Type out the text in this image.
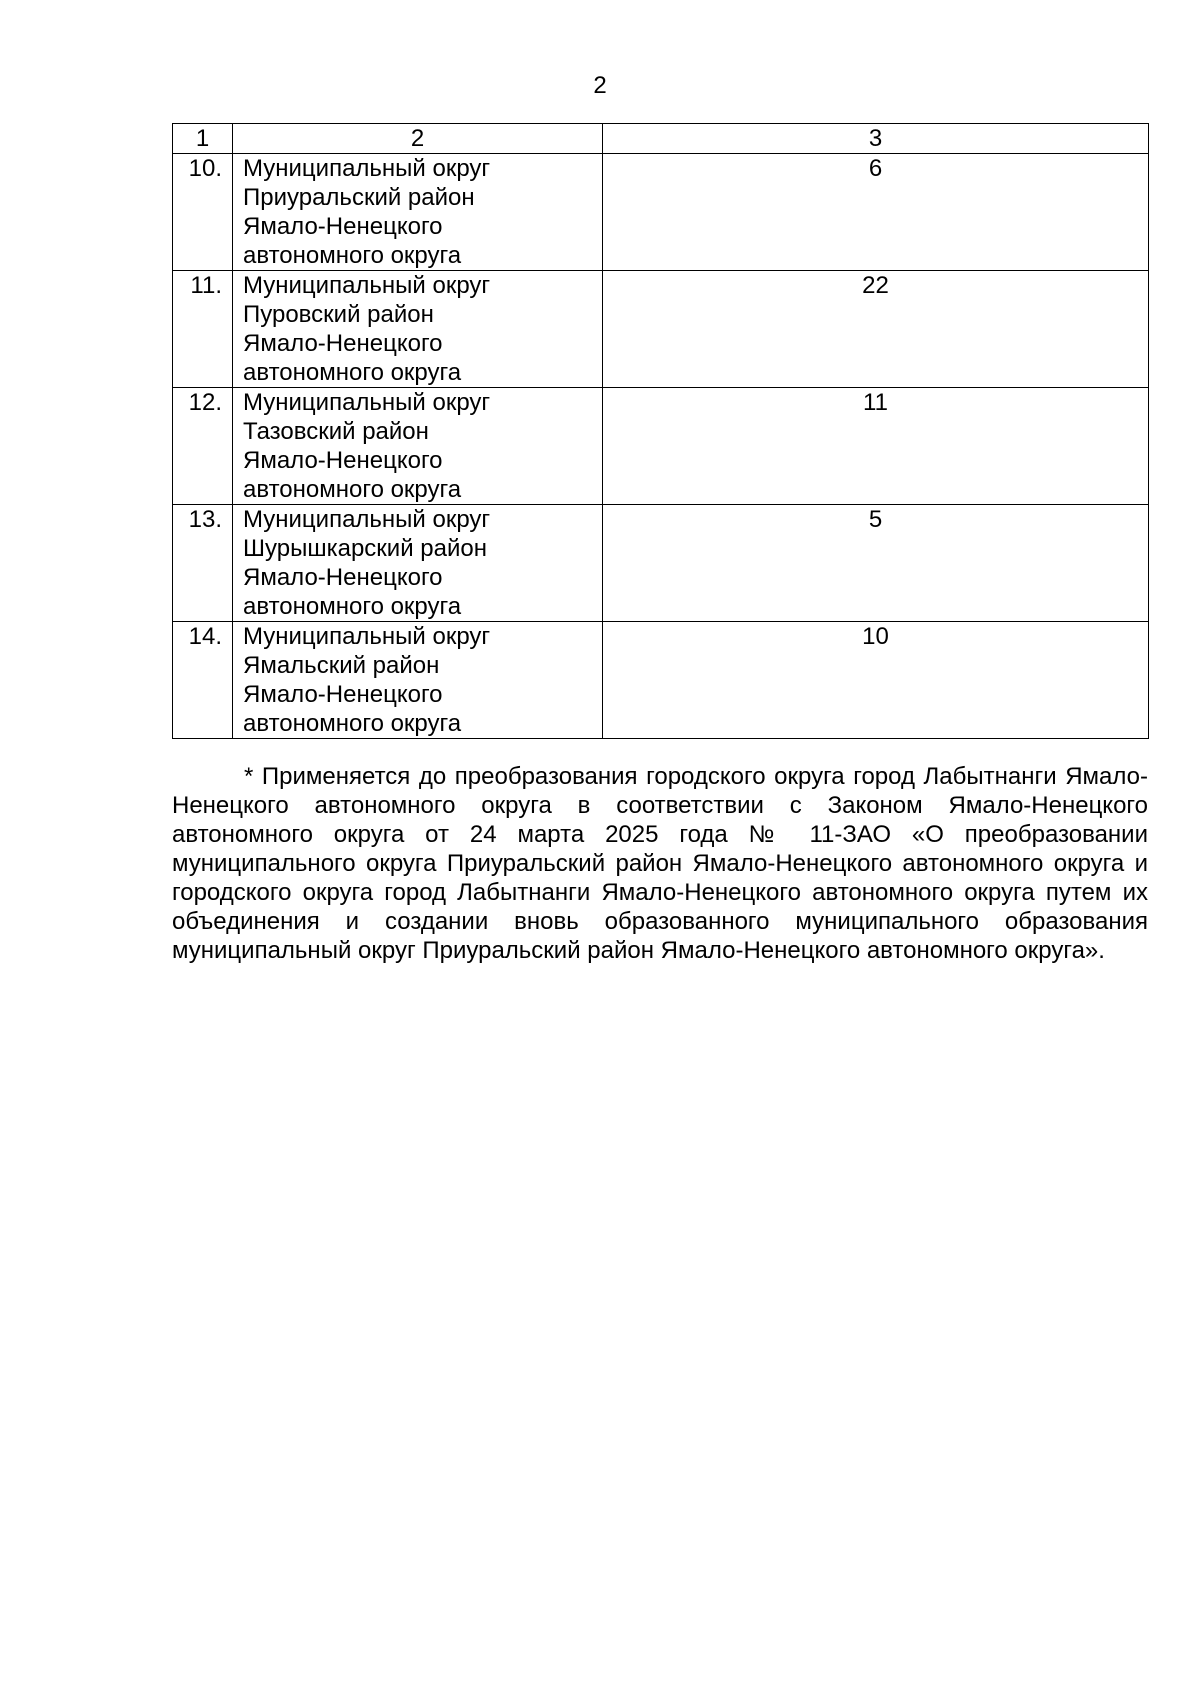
2
1	2	3
10.	Муниципальный округ
Приуральский район
Ямало-Ненецкого
автономного округа	6
11.	Муниципальный округ
Пуровский район
Ямало-Ненецкого
автономного округа	22
12.	Муниципальный округ
Тазовский район
Ямало-Ненецкого
автономного округа	11
13.	Муниципальный округ
Шурышкарский район
Ямало-Ненецкого
автономного округа	5
14.	Муниципальный округ
Ямальский район
Ямало-Ненецкого
автономного округа	10

* Применяется до преобразования городского округа город Лабытнанги Ямало-Ненецкого автономного округа в соответствии с Законом Ямало-Ненецкого автономного округа от 24 марта 2025 года № 11-ЗАО «О преобразовании муниципального округа Приуральский район Ямало-Ненецкого автономного округа и городского округа город Лабытнанги Ямало-Ненецкого автономного округа путем их объединения и создании вновь образованного муниципального образования муниципальный округ Приуральский район Ямало-Ненецкого автономного округа».
